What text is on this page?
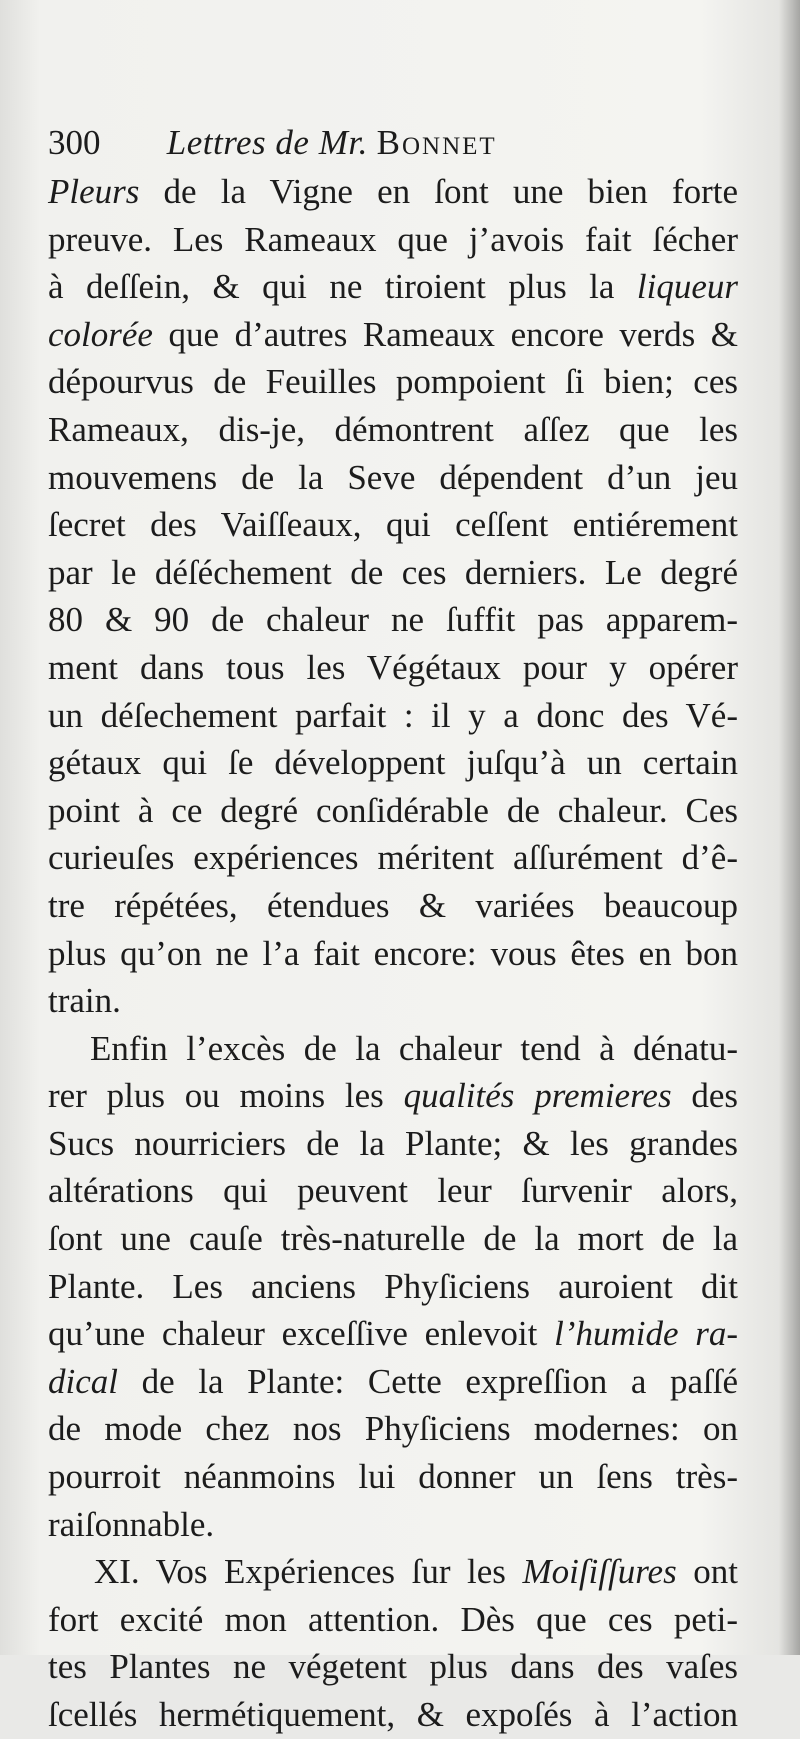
300 Lettres de Mr. Bonnet
Pleurs de la Vigne en ſont une bien forte
preuve. Les Rameaux que j’avois fait ſécher
à deſſein, & qui ne tiroient plus la liqueur
colorée que d’autres Rameaux encore verds &
dépourvus de Feuilles pompoient ſi bien; ces
Rameaux, dis-je, démontrent aſſez que les
mouvemens de la Seve dépendent d’un jeu
ſecret des Vaiſſeaux, qui ceſſent entiérement
par le déſéchement de ces derniers. Le degré
80 & 90 de chaleur ne ſuffit pas apparem-
ment dans tous les Végétaux pour y opérer
un déſechement parfait : il y a donc des Vé-
gétaux qui ſe développent juſqu’à un certain
point à ce degré conſidérable de chaleur. Ces
curieuſes expériences méritent aſſurément d’ê-
tre répétées, étendues & variées beaucoup
plus qu’on ne l’a fait encore: vous êtes en bon
train.
Enfin l’excès de la chaleur tend à dénatu-
rer plus ou moins les qualités premieres des
Sucs nourriciers de la Plante; & les grandes
altérations qui peuvent leur ſurvenir alors,
ſont une cauſe très-naturelle de la mort de la
Plante. Les anciens Phyſiciens auroient dit
qu’une chaleur exceſſive enlevoit l’humide ra-
dical de la Plante: Cette expreſſion a paſſé
de mode chez nos Phyſiciens modernes: on
pourroit néanmoins lui donner un ſens très-
raiſonnable.
XI. Vos Expériences ſur les Moiſiſſures ont
fort excité mon attention. Dès que ces peti-
tes Plantes ne végetent plus dans des vaſes
ſcellés hermétiquement, & expoſés à l’action
